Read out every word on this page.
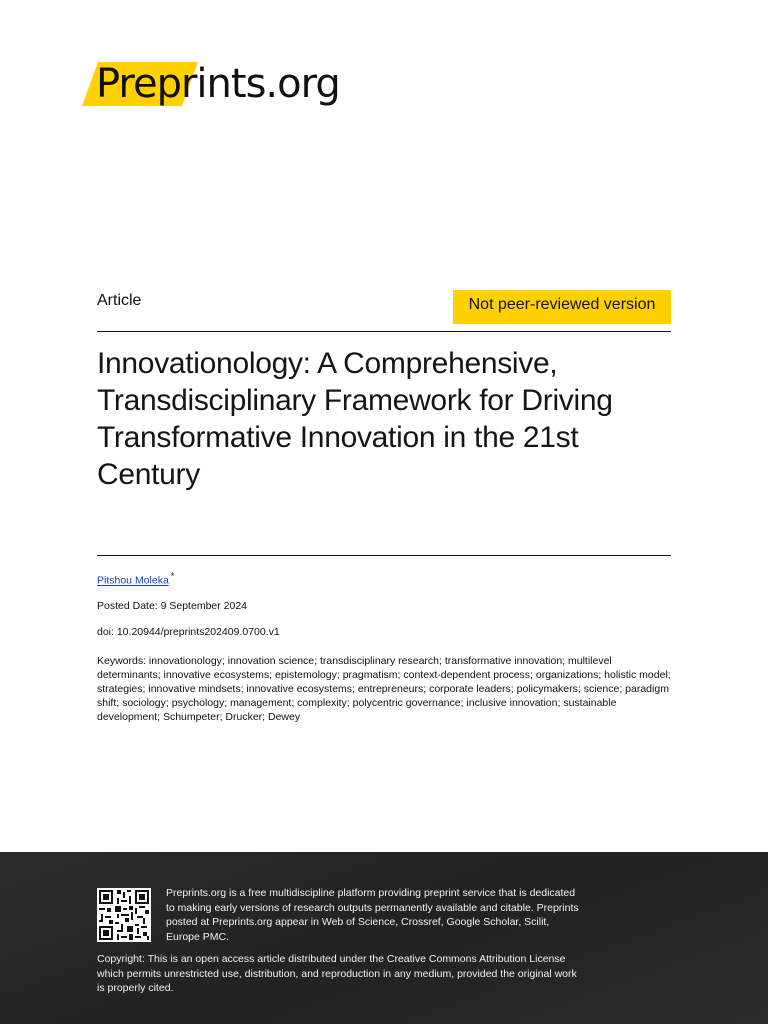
Preprints.org
Article	Not peer-reviewed version
Innovationology: A Comprehensive, Transdisciplinary Framework for Driving Transformative Innovation in the 21st Century
Pitshou Moleka *
Posted Date: 9 September 2024
doi: 10.20944/preprints202409.0700.v1
Keywords: innovationology; innovation science; transdisciplinary research; transformative innovation; multilevel determinants; innovative ecosystems; epistemology; pragmatism; context-dependent process; organizations; holistic model; strategies; innovative mindsets; innovative ecosystems; entrepreneurs; corporate leaders; policymakers; science; paradigm shift; sociology; psychology; management; complexity; polycentric governance; inclusive innovation; sustainable development; Schumpeter; Drucker; Dewey
Preprints.org is a free multidiscipline platform providing preprint service that is dedicated to making early versions of research outputs permanently available and citable. Preprints posted at Preprints.org appear in Web of Science, Crossref, Google Scholar, Scilit, Europe PMC.
Copyright: This is an open access article distributed under the Creative Commons Attribution License which permits unrestricted use, distribution, and reproduction in any medium, provided the original work is properly cited.
